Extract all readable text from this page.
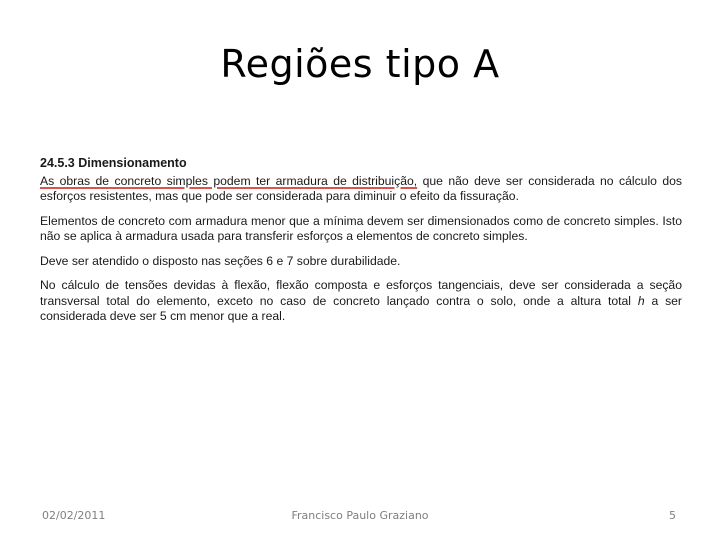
Regiões tipo A
24.5.3 Dimensionamento

As obras de concreto simples podem ter armadura de distribuição, que não deve ser considerada no cálculo dos esforços resistentes, mas que pode ser considerada para diminuir o efeito da fissuração.

Elementos de concreto com armadura menor que a mínima devem ser dimensionados como de concreto simples. Isto não se aplica à armadura usada para transferir esforços a elementos de concreto simples.

Deve ser atendido o disposto nas seções 6 e 7 sobre durabilidade.

No cálculo de tensões devidas à flexão, flexão composta e esforços tangenciais, deve ser considerada a seção transversal total do elemento, exceto no caso de concreto lançado contra o solo, onde a altura total h a ser considerada deve ser 5 cm menor que a real.

02/02/2011	Francisco Paulo Graziano	5
